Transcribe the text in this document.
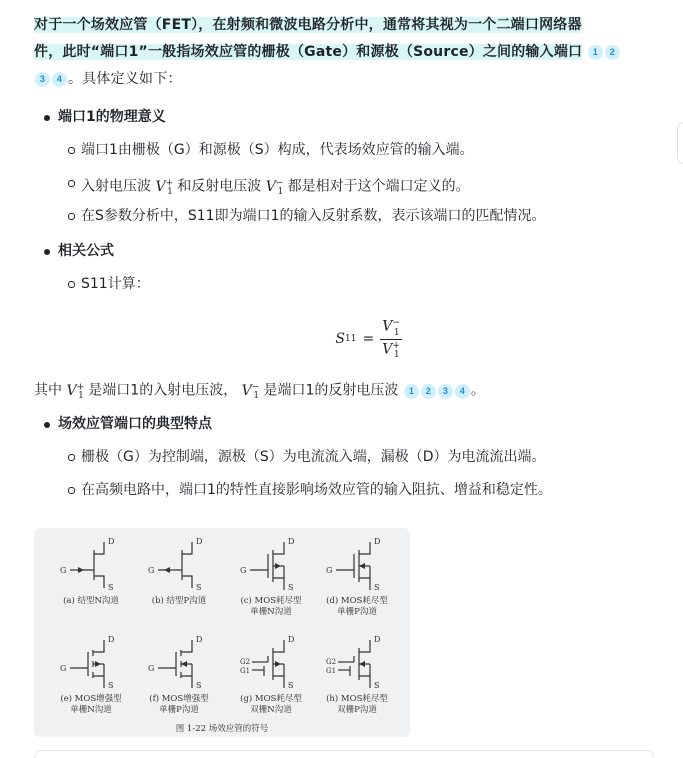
对于一个场效应管（FET），在射频和微波电路分析中，通常将其视为一个二端口网络器
件，此时“端口1”一般指场效应管的栅极（Gate）和源极（Source）之间的输入端口 1 2
3 4 。具体定义如下：

端口1的物理意义
端口1由栅极（G）和源极（S）构成，代表场效应管的输入端。
入射电压波 $V^+_1$ 和反射电压波 $V^-_1$ 都是相对于这个端口定义的。
在S参数分析中，S11即为端口1的输入反射系数，表示该端口的匹配情况。
相关公式
S11计算：
S $11 = \frac{V^-_1}{V^+_1}$

其中 $V^+_1$ 是端口1的入射电压波， $V^-_1$ 是端口1的反射电压波 1 2 3 4 。

场效应管端口的典型特点
栅极（G）为控制端，源极（S）为电流流入端，漏极（D）为电流流出端。
在高频电路中，端口1的特性直接影响场效应管的输入阻抗、增益和稳定性。
D
S
G
(a) 结型N沟道
D
S
G
(b) 结型P沟道
D
S
G
(c) MOS耗尽型
单栅N沟道
D
S
G
(d) MOS耗尽型
单栅P沟道
D
S
G
(e) MOS增强型
单栅N沟道
D
S
G
(f) MOS增强型
单栅P沟道
D
S
G2
G1
(g) MOS耗尽型
双栅N沟道
D
S
G2
G1
(h) MOS耗尽型
双栅P沟道
图 1-22 场效应管的符号
